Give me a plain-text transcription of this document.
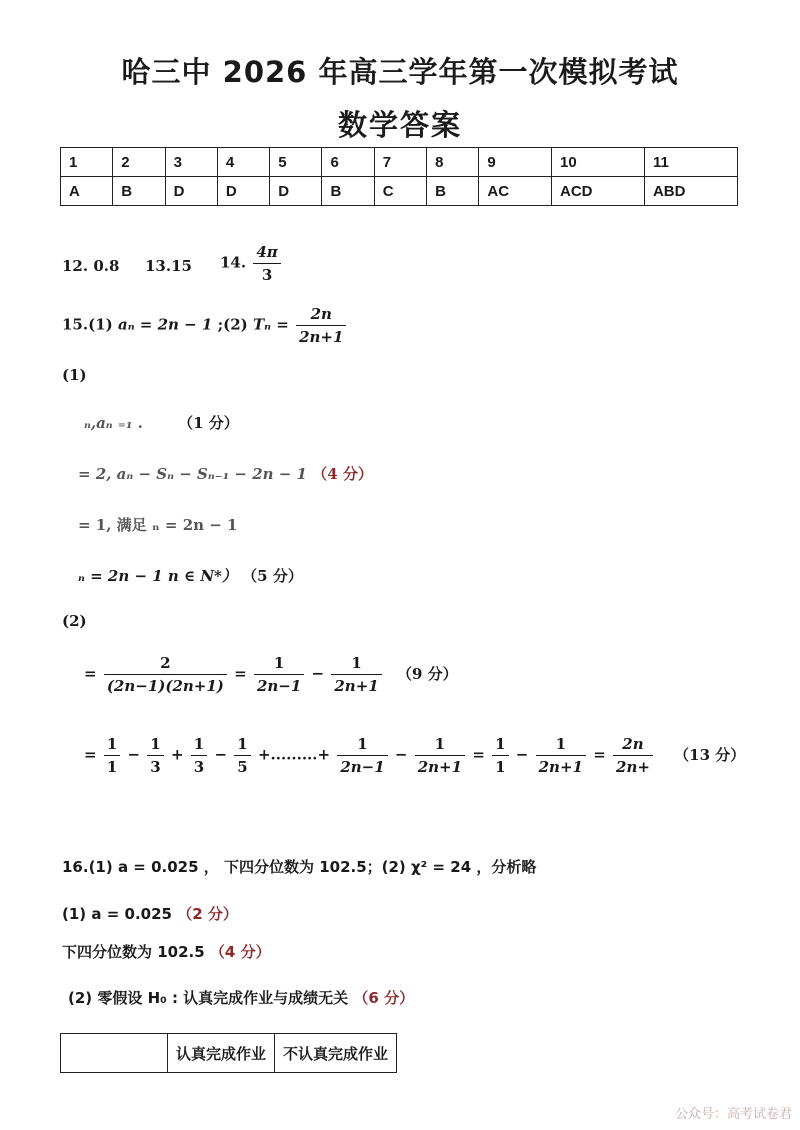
哈三中 2026 年高三学年第一次模拟考试
数学答案
1	2	3	4	5	6	7	8	9	10	11
A	B	D	D	D	B	C	B	AC	ACD	ABD
12. 0.8 13.15 14. $\frac{4\pi}{3}$
15.(1) aₙ = 2n − 1 ;(2) $T_n = \frac{2n}{2n+1}$
(1)
ₙ,aₙ ₌₁ . （1 分）
= 2, aₙ − Sₙ − Sₙ₋₁ − 2n − 1 （4 分）
= 1, 满足 ₙ = 2n − 1
ₙ = 2n − 1 n ∈ N*） （5 分）
(2)
= $\frac{2}{(2n-1)(2n+1)} = \frac{1}{2n-1} - \frac{1}{2n+1} (9$ 分）
= $\frac{1}{1} - \frac{1}{3} + \frac{1}{3} - \frac{1}{5}$ +.........+ $\frac{1}{2n-1} - \frac{1}{2n+1} = \frac{1}{1} - \frac{1}{2n+1} = \frac{2n}{2n+} (13$ 分）
16.(1) a = 0.025 ， 下四分位数为 102.5；(2) χ² = 24 ，分析略
(1) a = 0.025 （2 分）
下四分位数为 102.5 （4 分）
(2) 零假设 H₀ : 认真完成作业与成绩无关 （6 分）
	认真完成作业	不认真完成作业
公众号：高考试卷君
